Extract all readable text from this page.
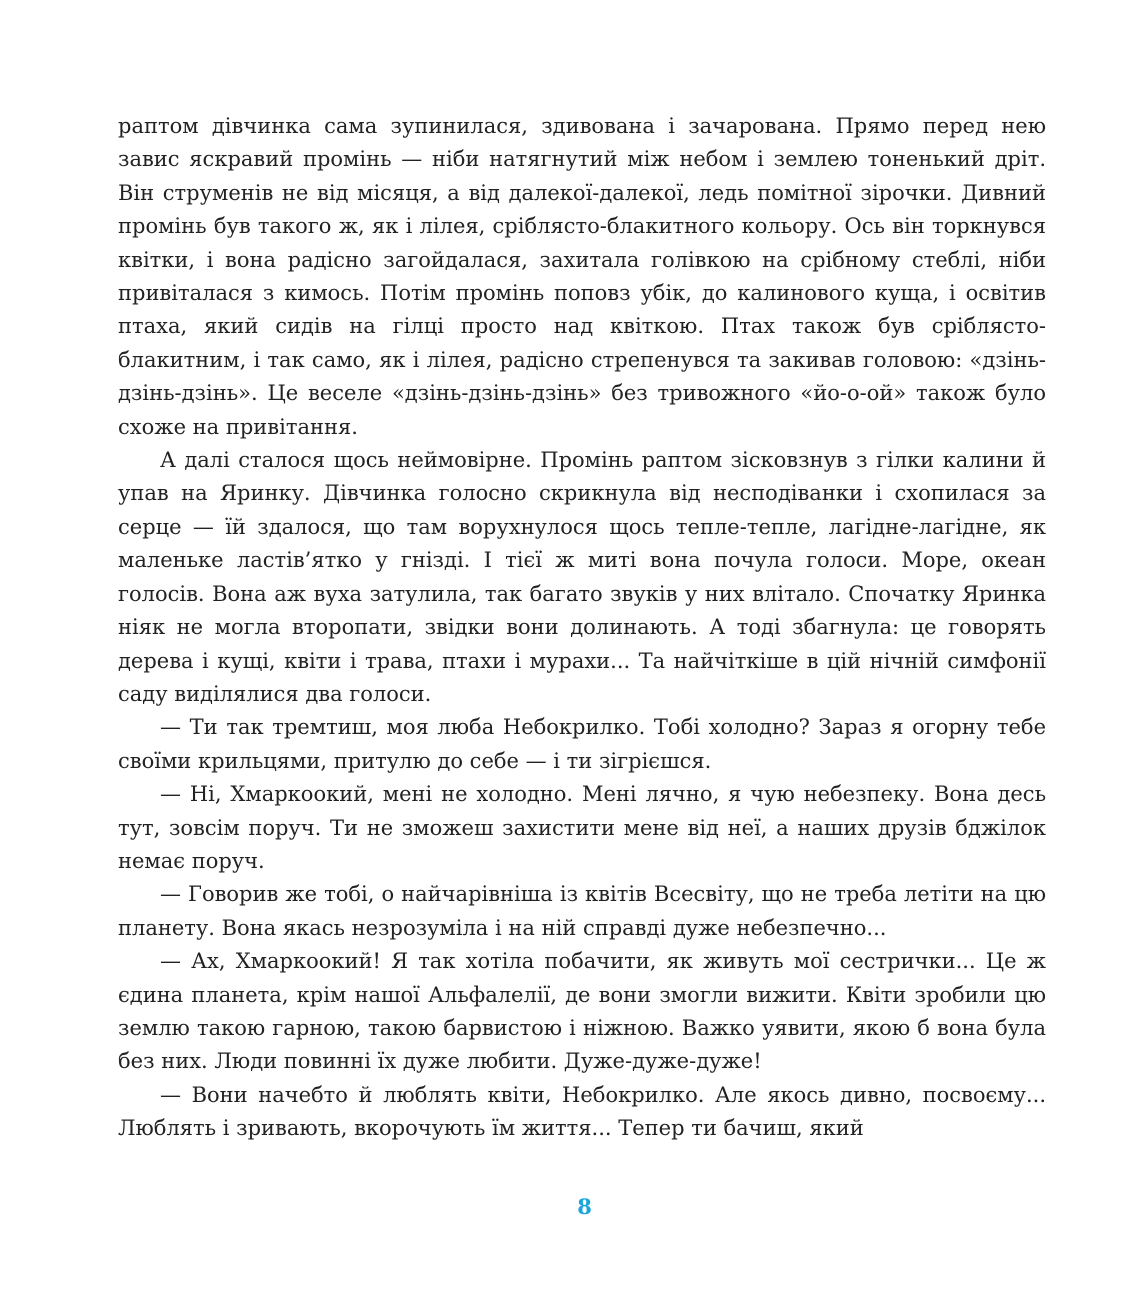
раптом дівчинка сама зупинилася, здивована і зачарована. Прямо перед нею завис яскравий промінь — ніби натягнутий між небом і землею тоненький дріт. Він струменів не від місяця, а від далекої-далекої, ледь помітної зірочки. Дивний промінь був такого ж, як і лілея, сріблясто-блакитного кольору. Ось він торкнувся квітки, і вона радісно загойдалася, захитала голівкою на срібному стеблі, ніби привіталася з кимось. Потім промінь поповз убік, до калинового куща, і освітив птаха, який сидів на гілці просто над квіткою. Птах також був сріблясто-блакитним, і так само, як і лілея, радісно стрепенувся та закивав головою: «дзінь-дзінь-дзінь». Це веселе «дзінь-дзінь-дзінь» без тривожного «йо-о-ой» також було схоже на привітання.

А далі сталося щось неймовірне. Промінь раптом зісковзнув з гілки калини й упав на Яринку. Дівчинка голосно скрикнула від несподіванки і схопилася за серце — їй здалося, що там ворухнулося щось тепле-тепле, лагідне-лагідне, як маленьке ластів’ятко у гнізді. І тієї ж миті вона почула голоси. Море, океан голосів. Вона аж вуха затулила, так багато звуків у них влітало. Спочатку Яринка ніяк не могла второпати, звідки вони долинають. А тоді збагнула: це говорять дерева і кущі, квіти і трава, птахи і мурахи... Та найчіткіше в цій нічній симфонії саду виділялися два голоси.

— Ти так тремтиш, моя люба Небокрилко. Тобі холодно? Зараз я огорну тебе своїми крильцями, притулю до себе — і ти зігрієшся.

— Ні, Хмаркоокий, мені не холодно. Мені лячно, я чую небезпеку. Вона десь тут, зовсім поруч. Ти не зможеш захистити мене від неї, а наших друзів бджілок немає поруч.

— Говорив же тобі, о найчарівніша із квітів Всесвіту, що не треба летіти на цю планету. Вона якась незрозуміла і на ній справді дуже небезпечно...

— Ах, Хмаркоокий! Я так хотіла побачити, як живуть мої сестрички... Це ж єдина планета, крім нашої Альфалелії, де вони змогли вижити. Квіти зробили цю землю такою гарною, такою барвистою і ніжною. Важко уявити, якою б вона була без них. Люди повинні їх дуже любити. Дуже-дуже-дуже!

— Вони начебто й люблять квіти, Небокрилко. Але якось дивно, посвоєму... Люблять і зривають, вкорочують їм життя... Тепер ти бачиш, який

8
